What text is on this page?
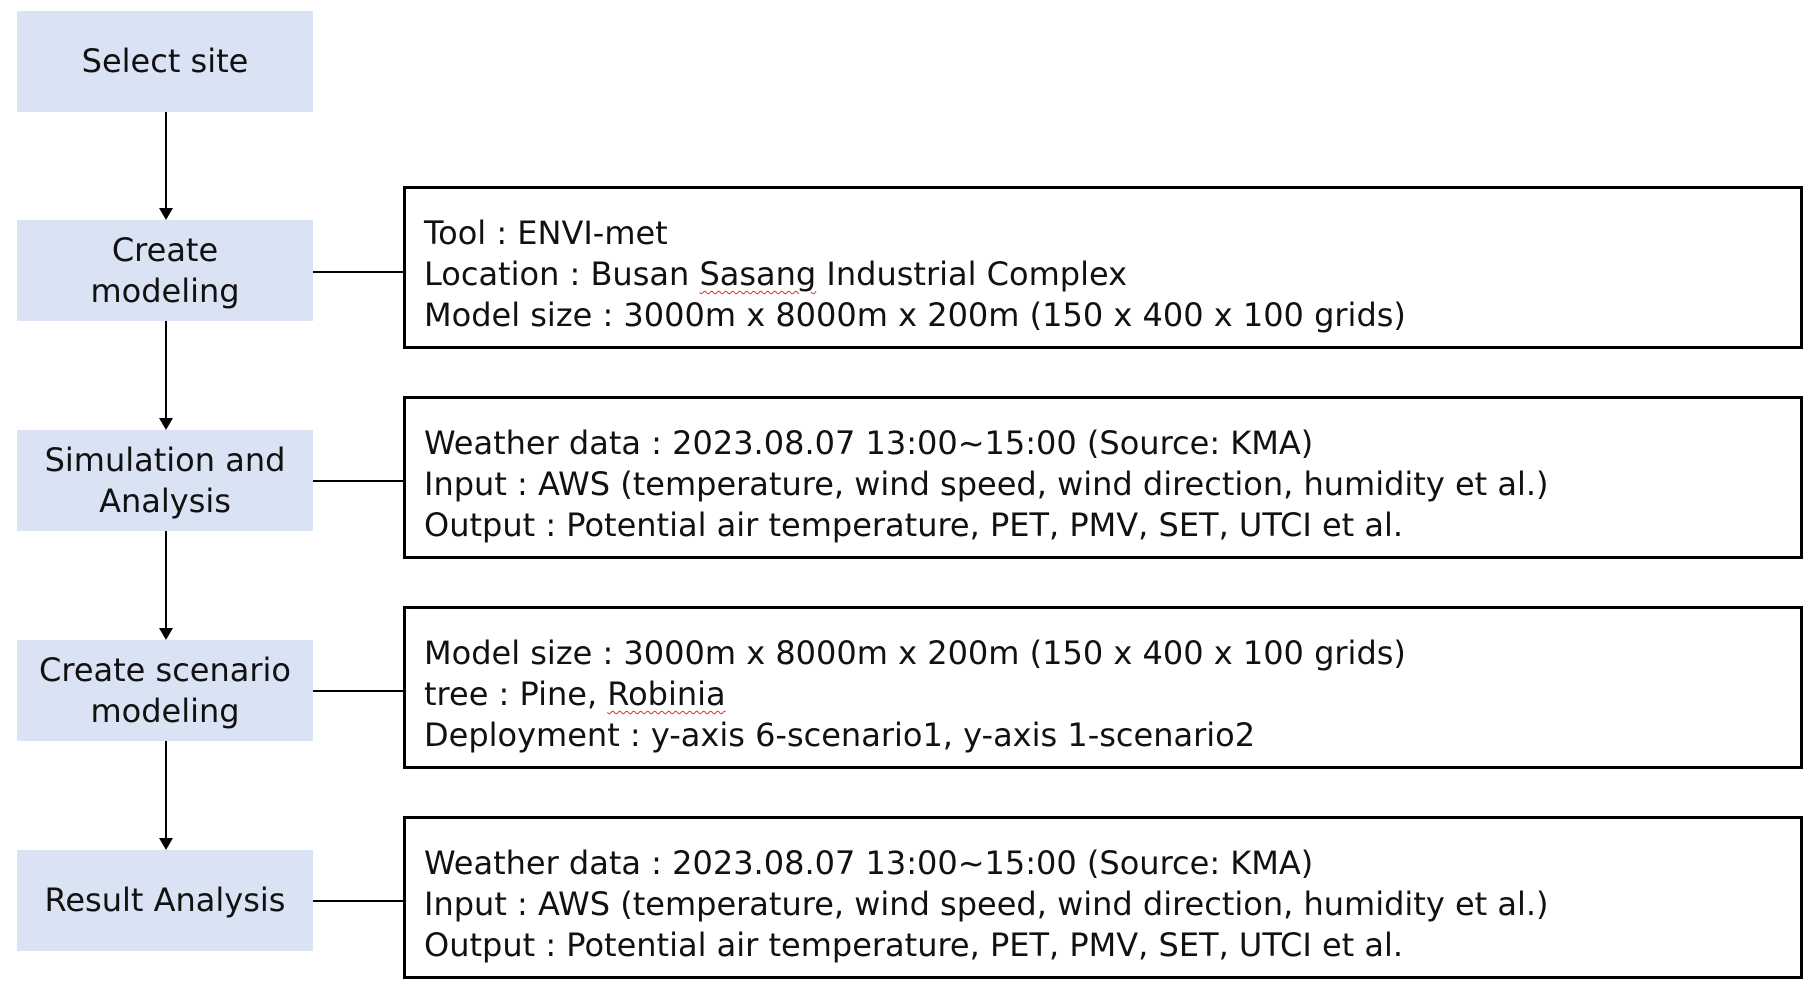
Select site
Create
modeling
Simulation and
Analysis
Create scenario
modeling
Result Analysis
Tool : ENVI-met
Location : Busan Sasang Industrial Complex
Model size : 3000m x 8000m x 200m (150 x 400 x 100 grids)
Weather data : 2023.08.07 13:00~15:00 (Source: KMA)
Input : AWS (temperature, wind speed, wind direction, humidity et al.)
Output : Potential air temperature, PET, PMV, SET, UTCI et al.
Model size : 3000m x 8000m x 200m (150 x 400 x 100 grids)
tree : Pine, Robinia
Deployment : y-axis 6-scenario1, y-axis 1-scenario2
Weather data : 2023.08.07 13:00~15:00 (Source: KMA)
Input : AWS (temperature, wind speed, wind direction, humidity et al.)
Output : Potential air temperature, PET, PMV, SET, UTCI et al.
